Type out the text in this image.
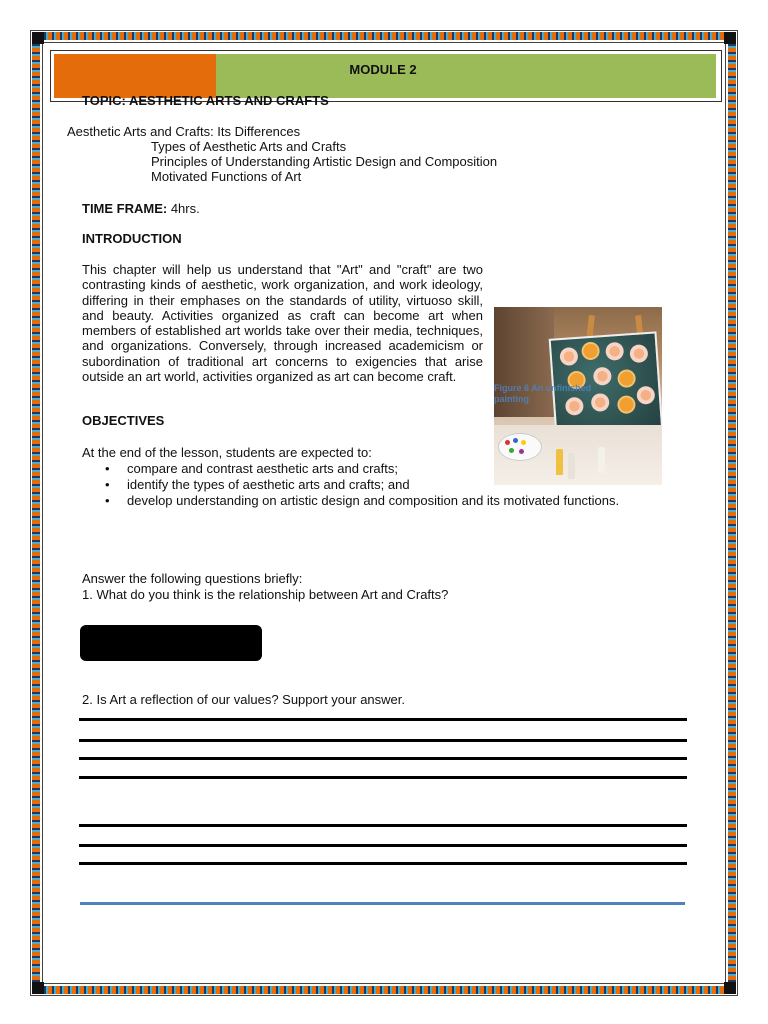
MODULE 2
TOPIC: AESTHETIC ARTS AND CRAFTS
Aesthetic Arts and Crafts: Its Differences
Types of Aesthetic Arts and Crafts
Principles of Understanding Artistic Design and Composition
Motivated Functions of Art
TIME FRAME: 4hrs.
INTRODUCTION
This chapter will help us understand that "Art" and "craft" are two contrasting kinds of aesthetic, work organization, and work ideology, differing in their emphases on the standards of utility, virtuoso skill, and beauty. Activities organized as craft can become art when members of established art worlds take over their media, techniques, and organizations. Conversely, through increased academicism or subordination of traditional art concerns to exigencies that arise outside an art world, activities organized as art can become craft.
Figure 6 An unfinished
painting
OBJECTIVES
At the end of the lesson, students are expected to:
• compare and contrast aesthetic arts and crafts;
• identify the types of aesthetic arts and crafts; and
• develop understanding on artistic design and composition and its motivated functions.
Answer the following questions briefly:
1. What do you think is the relationship between Art and Crafts?
2. Is Art a reflection of our values? Support your answer.
